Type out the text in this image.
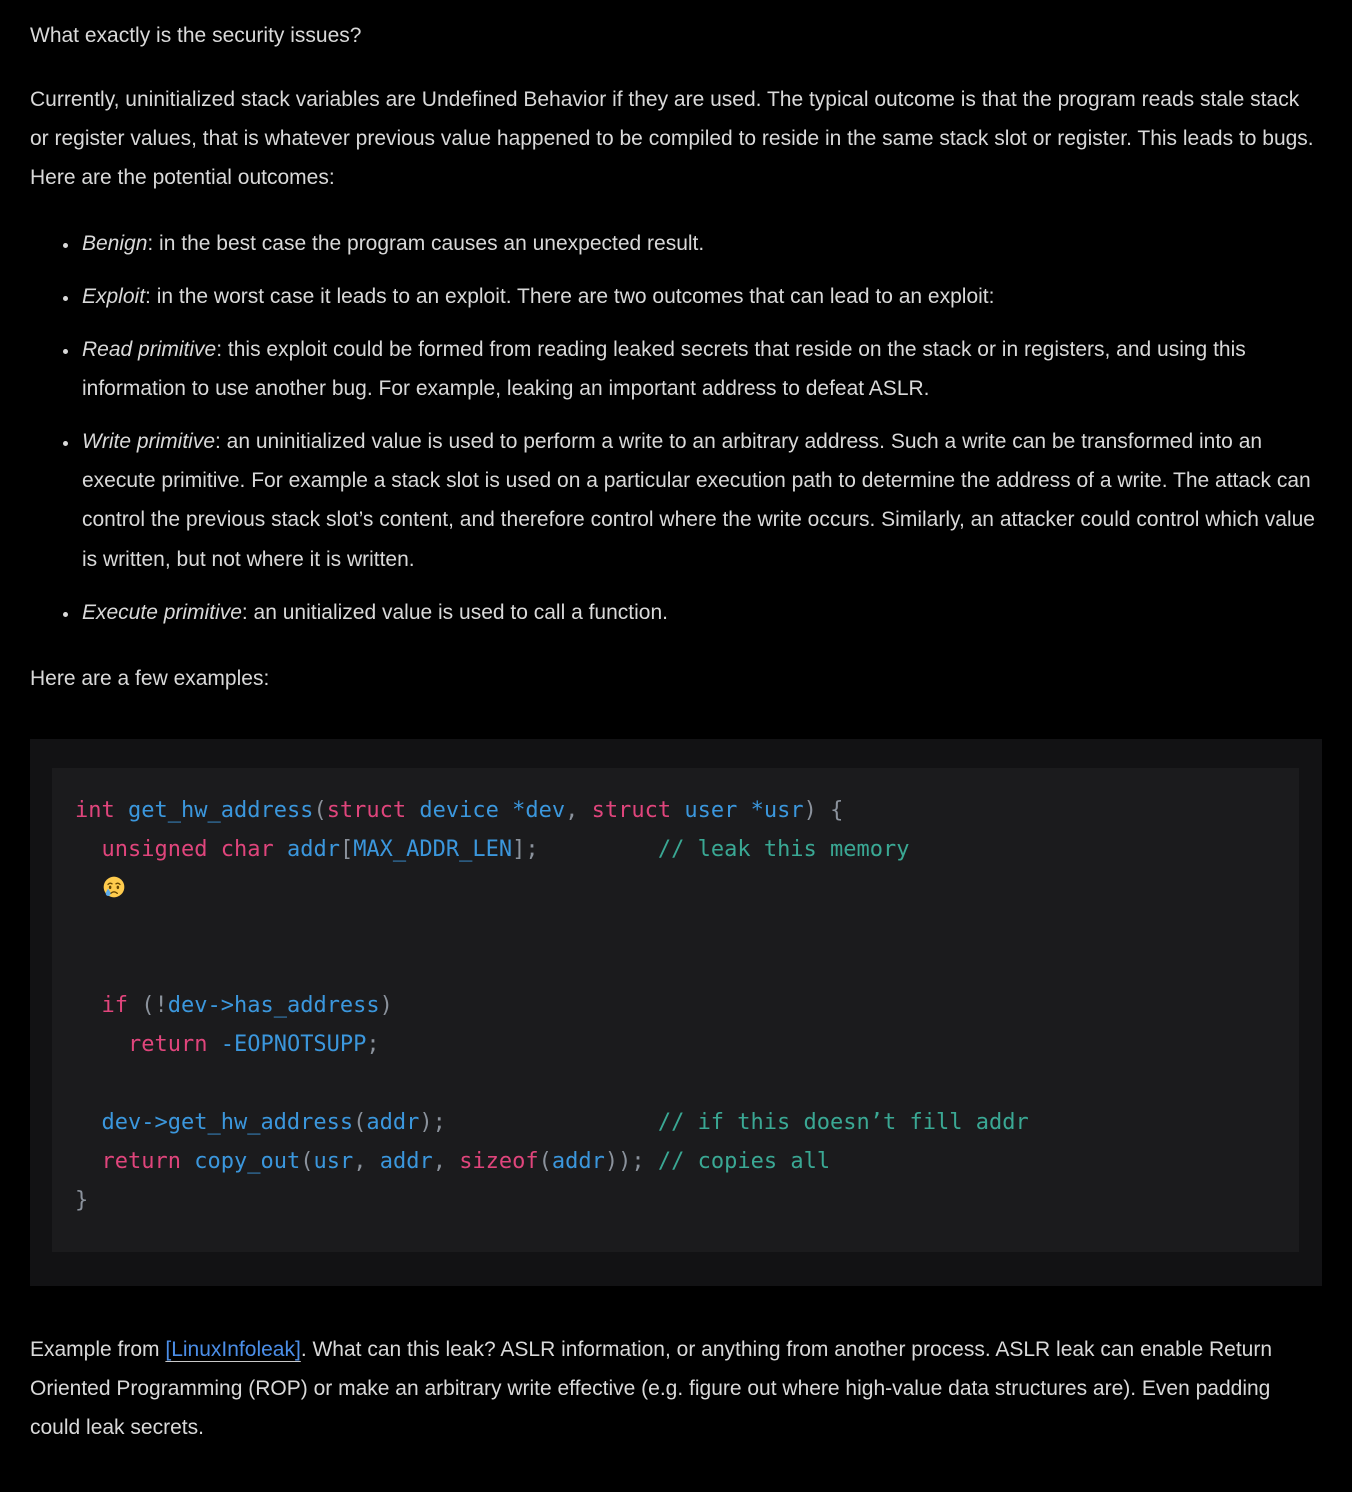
What exactly is the security issues?

Currently, uninitialized stack variables are Undefined Behavior if they are used. The typical outcome is that the program reads stale stack or register values, that is whatever previous value happened to be compiled to reside in the same stack slot or register. This leads to bugs. Here are the potential outcomes:

• Benign: in the best case the program causes an unexpected result.
• Exploit: in the worst case it leads to an exploit. There are two outcomes that can lead to an exploit:
• Read primitive: this exploit could be formed from reading leaked secrets that reside on the stack or in registers, and using this information to use another bug. For example, leaking an important address to defeat ASLR.
• Write primitive: an uninitialized value is used to perform a write to an arbitrary address. Such a write can be transformed into an execute primitive. For example a stack slot is used on a particular execution path to determine the address of a write. The attack can control the previous stack slot’s content, and therefore control where the write occurs. Similarly, an attacker could control which value is written, but not where it is written.
• Execute primitive: an unitialized value is used to call a function.

Here are a few examples:

int get_hw_address(struct device *dev, struct user *usr) {
unsigned char addr[MAX_ADDR_LEN];	// leak this memory

if (!dev->has_address)
return -EOPNOTSUPP;

dev->get_hw_address(addr);	// if this doesn’t fill addr
return copy_out(usr, addr, sizeof(addr)); // copies all
}

Example from [LinuxInfoleak]. What can this leak? ASLR information, or anything from another process. ASLR leak can enable Return Oriented Programming (ROP) or make an arbitrary write effective (e.g. figure out where high-value data structures are). Even padding could leak secrets.
